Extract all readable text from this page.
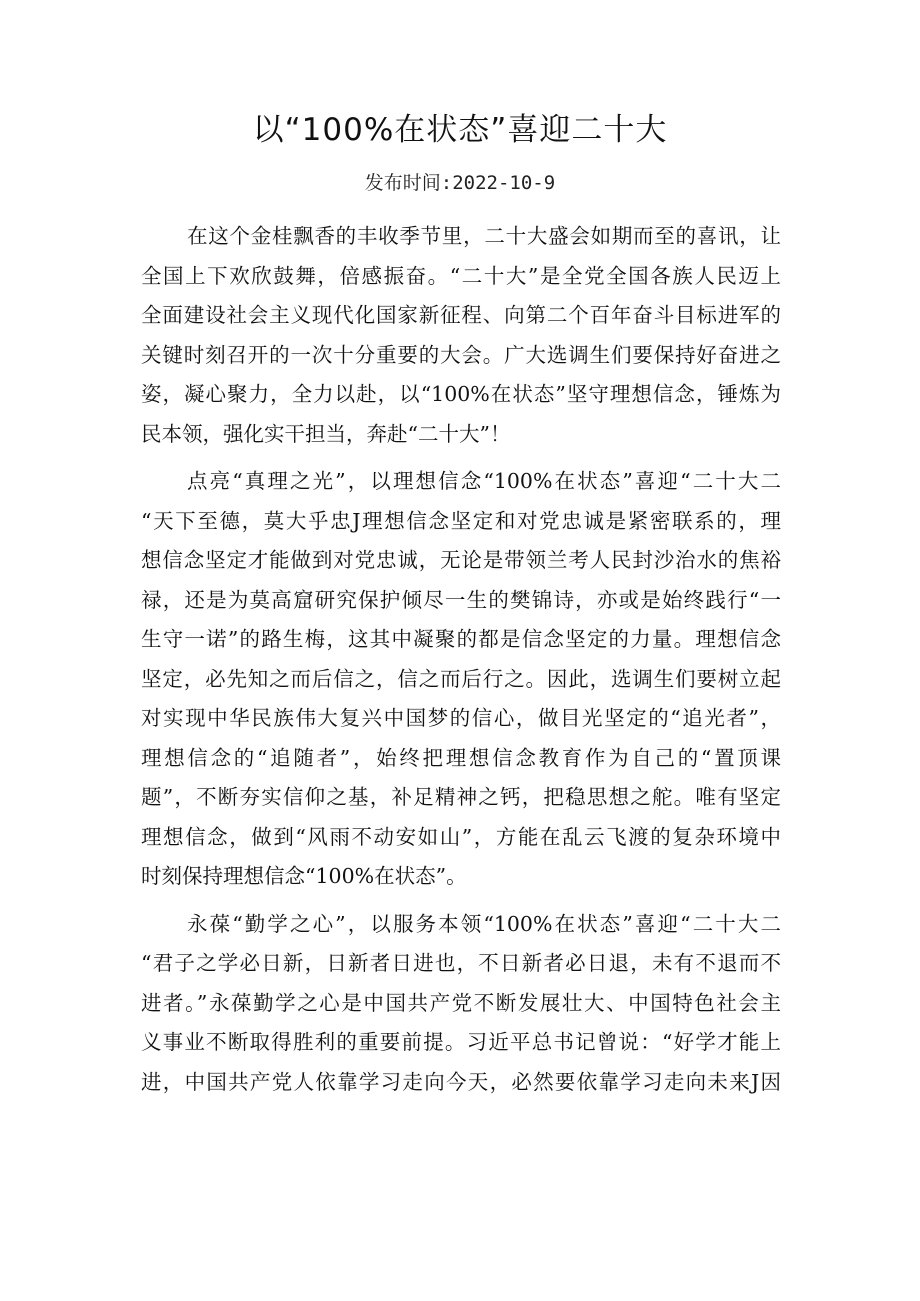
以“100%在状态”喜迎二十大
发布时间:2022-10-9
在这个金桂飘香的丰收季节里，二十大盛会如期而至的喜讯，让
全国上下欢欣鼓舞，倍感振奋。“二十大”是全党全国各族人民迈上
全面建设社会主义现代化国家新征程、向第二个百年奋斗目标进军的
关键时刻召开的一次十分重要的大会。广大选调生们要保持好奋进之
姿，凝心聚力，全力以赴，以“100%在状态”坚守理想信念，锤炼为
民本领，强化实干担当，奔赴“二十大”！
点亮“真理之光”，以理想信念“100%在状态”喜迎“二十大二
“天下至德，莫大乎忠J理想信念坚定和对党忠诚是紧密联系的，理
想信念坚定才能做到对党忠诚，无论是带领兰考人民封沙治水的焦裕
禄，还是为莫高窟研究保护倾尽一生的樊锦诗，亦或是始终践行“一
生守一诺”的路生梅，这其中凝聚的都是信念坚定的力量。理想信念
坚定，必先知之而后信之，信之而后行之。因此，选调生们要树立起
对实现中华民族伟大复兴中国梦的信心，做目光坚定的“追光者”，
理想信念的“追随者”，始终把理想信念教育作为自己的“置顶课
题”，不断夯实信仰之基，补足精神之钙，把稳思想之舵。唯有坚定
理想信念，做到“风雨不动安如山”，方能在乱云飞渡的复杂环境中
时刻保持理想信念“100%在状态”。
永葆“勤学之心”，以服务本领“100%在状态”喜迎“二十大二
“君子之学必日新，日新者日进也，不日新者必日退，未有不退而不
进者。”永葆勤学之心是中国共产党不断发展壮大、中国特色社会主
义事业不断取得胜利的重要前提。习近平总书记曾说：“好学才能上
进，中国共产党人依靠学习走向今天，必然要依靠学习走向未来J因
